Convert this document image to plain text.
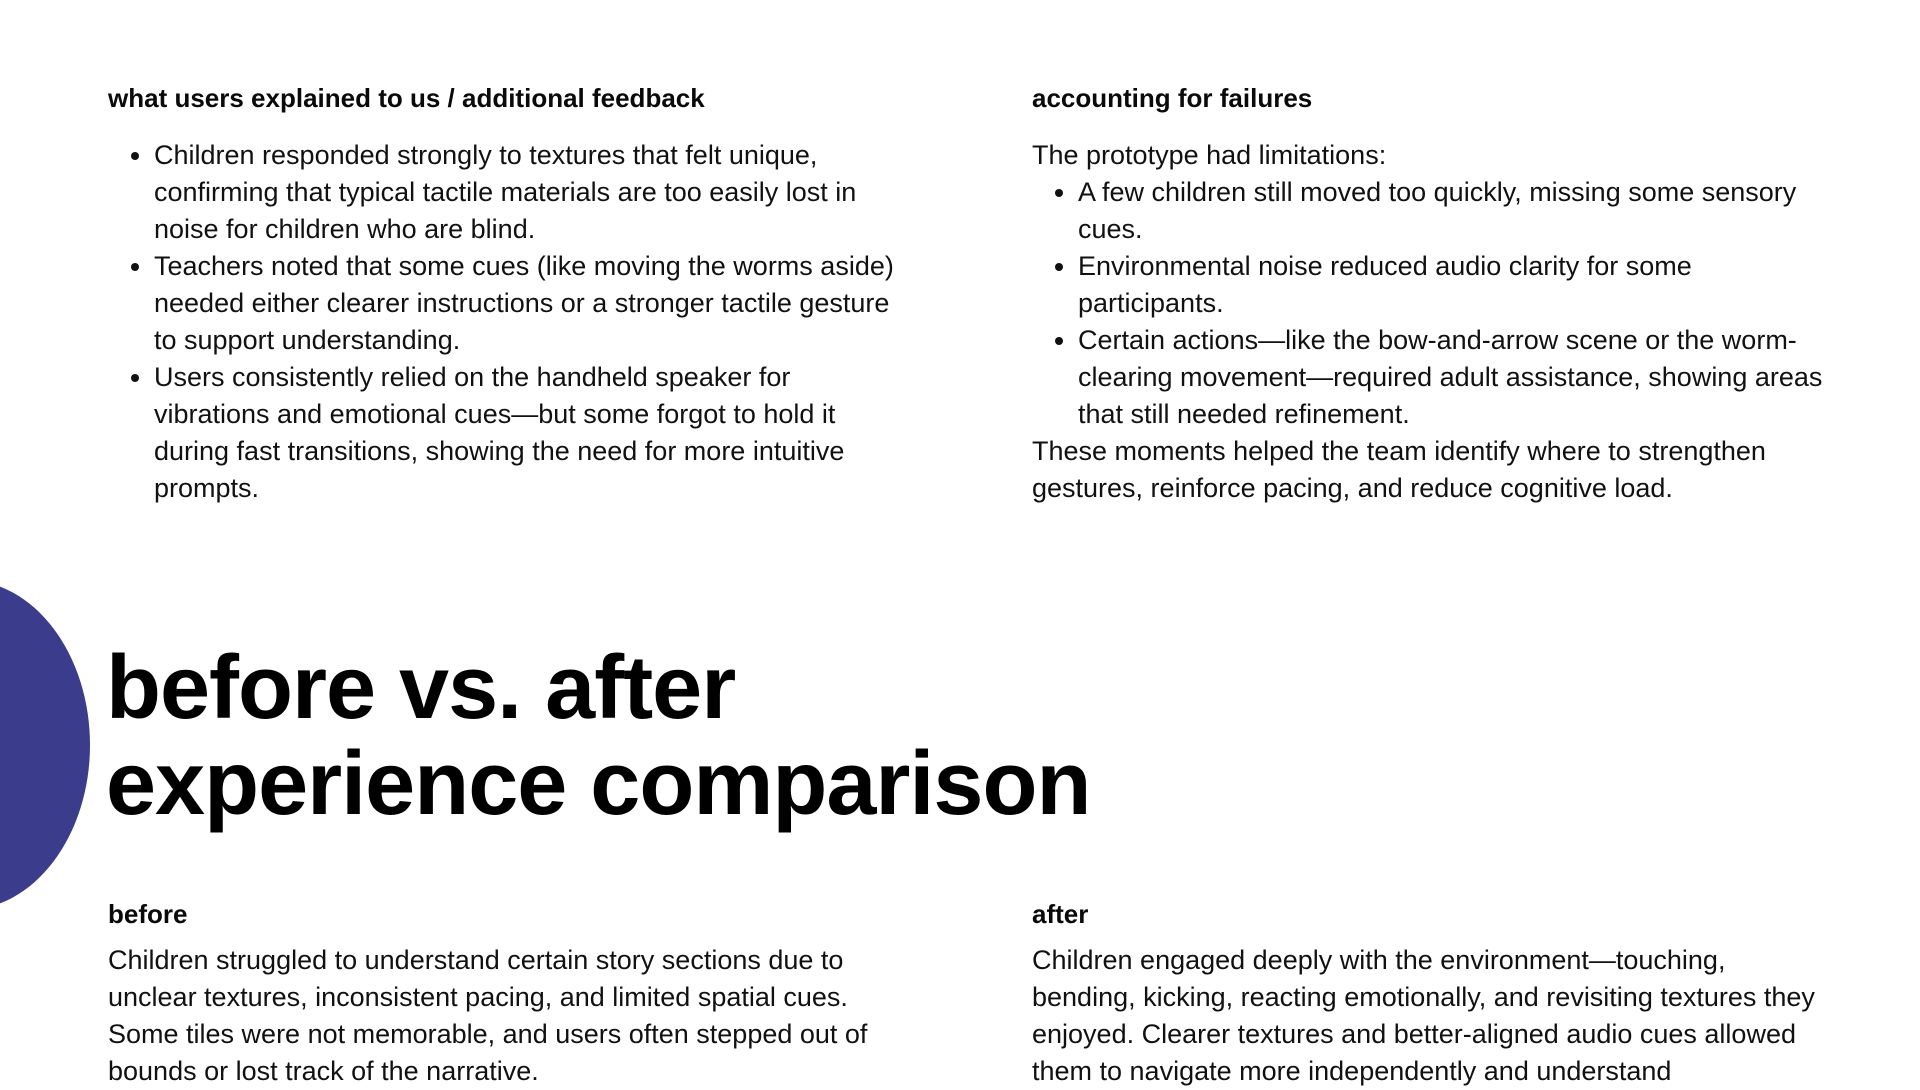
what users explained to us / additional feedback
• Children responded strongly to textures that felt unique, confirming that typical tactile materials are too easily lost in noise for children who are blind.
• Teachers noted that some cues (like moving the worms aside) needed either clearer instructions or a stronger tactile gesture to support understanding.
• Users consistently relied on the handheld speaker for vibrations and emotional cues—but some forgot to hold it during fast transitions, showing the need for more intuitive prompts.
accounting for failures

The prototype had limitations:

• A few children still moved too quickly, missing some sensory cues.
• Environmental noise reduced audio clarity for some participants.
• Certain actions—like the bow-and-arrow scene or the worm-clearing movement—required adult assistance, showing areas that still needed refinement.

These moments helped the team identify where to strengthen gestures, reinforce pacing, and reduce cognitive load.

before vs. after
experience comparison
before

Children struggled to understand certain story sections due to unclear textures, inconsistent pacing, and limited spatial cues. Some tiles were not memorable, and users often stepped out of bounds or lost track of the narrative.

after

Children engaged deeply with the environment—touching, bending, kicking, reacting emotionally, and revisiting textures they enjoyed. Clearer textures and better-aligned audio cues allowed them to navigate more independently and understand
